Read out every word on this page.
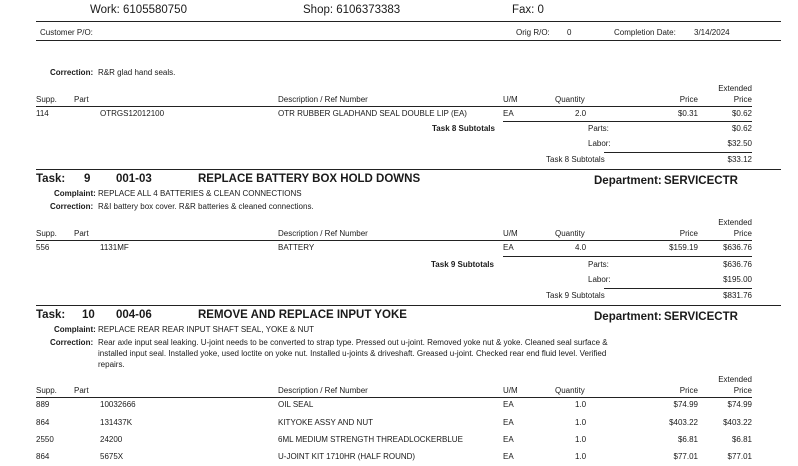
Work: 6105580750	Shop: 6106373383	Fax: 0
Customer P/O:	Orig R/O: 0	Completion Date: 3/14/2024
Correction: R&R glad hand seals.
Supp. Part	Description / Ref Number	U/M	Quantity	Price
Extended
Price
114	OTRGS12012100	OTR RUBBER GLADHAND SEAL DOUBLE LIP (EA)	EA	2.0	$0.31	$0.62
Task 8 Subtotals	Parts:	$0.62
Labor:	$32.50
Task 8 Subtotals	$33.12
Task: 9 001-03	REPLACE BATTERY BOX HOLD DOWNS	Department: SERVICECTR
Complaint: REPLACE ALL 4 BATTERIES & CLEAN CONNECTIONS
Correction: R&I battery box cover. R&R batteries & cleaned connections.
Supp. Part	Description / Ref Number	U/M	Quantity	Price
Extended
Price
556	1131MF	BATTERY	EA	4.0	$159.19	$636.76
Task 9 Subtotals	Parts:	$636.76
Labor:	$195.00
Task 9 Subtotals	$831.76
Task: 10 004-06	REMOVE AND REPLACE INPUT YOKE	Department: SERVICECTR
Complaint: REPLACE REAR REAR INPUT SHAFT SEAL, YOKE & NUT
Correction: Rear axle input seal leaking. U-joint needs to be converted to strap type. Pressed out u-joint. Removed yoke nut & yoke. Cleaned seal surface &
installed input seal. Installed yoke, used loctite on yoke nut. Installed u-joints & driveshaft. Greased u-joint. Checked rear end fluid level. Verified
repairs.
Supp. Part	Description / Ref Number	U/M	Quantity	Price
Extended
Price
889	10032666	OIL SEAL	EA	1.0	$74.99	$74.99
864	131437K	KITYOKE ASSY AND NUT	EA	1.0	$403.22	$403.22
2550	24200	6ML MEDIUM STRENGTH THREADLOCKERBLUE	EA	1.0	$6.81	$6.81
864	5675X	U-JOINT KIT 1710HR (HALF ROUND)	EA	1.0	$77.01	$77.01
